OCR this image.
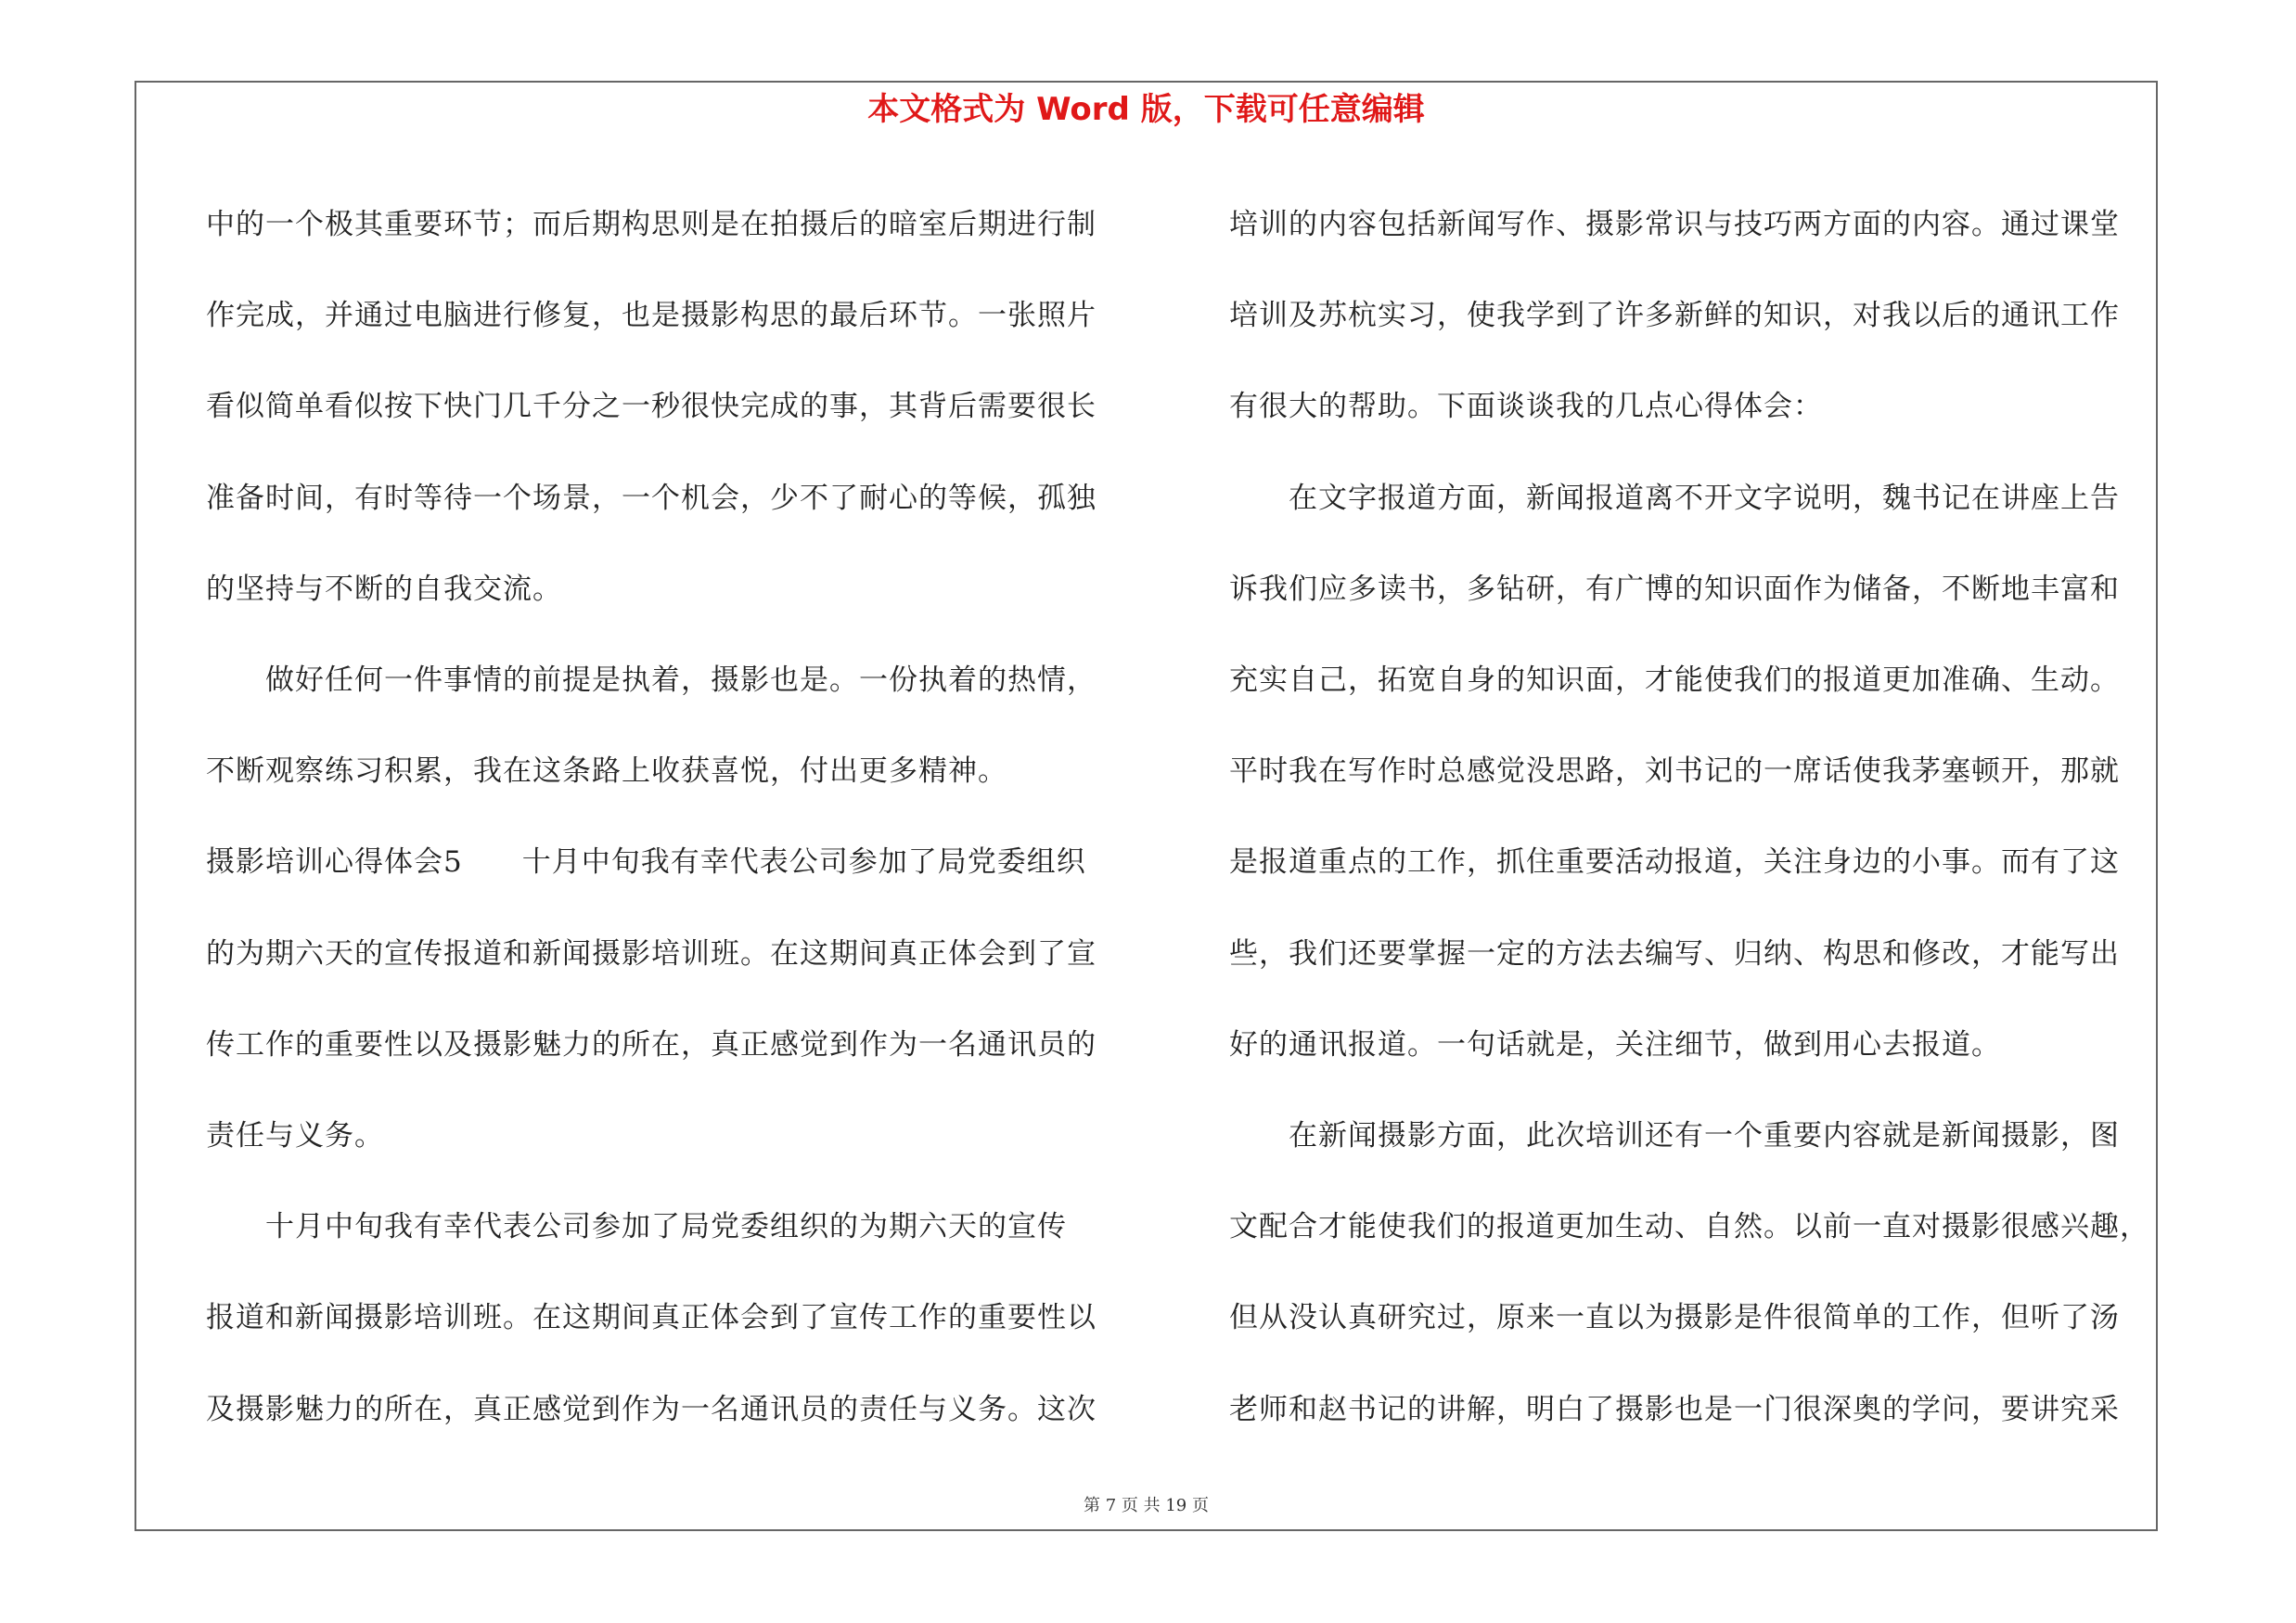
本文格式为 Word 版，下载可任意编辑

中的一个极其重要环节；而后期构思则是在拍摄后的暗室后期进行制

作完成，并通过电脑进行修复，也是摄影构思的最后环节。一张照片

看似简单看似按下快门几千分之一秒很快完成的事，其背后需要很长

准备时间，有时等待一个场景，一个机会，少不了耐心的等候，孤独

的坚持与不断的自我交流。

　　做好任何一件事情的前提是执着，摄影也是。一份执着的热情，

不断观察练习积累，我在这条路上收获喜悦，付出更多精神。

摄影培训心得体会5　　十月中旬我有幸代表公司参加了局党委组织

的为期六天的宣传报道和新闻摄影培训班。在这期间真正体会到了宣

传工作的重要性以及摄影魅力的所在，真正感觉到作为一名通讯员的

责任与义务。

　　十月中旬我有幸代表公司参加了局党委组织的为期六天的宣传

报道和新闻摄影培训班。在这期间真正体会到了宣传工作的重要性以

及摄影魅力的所在，真正感觉到作为一名通讯员的责任与义务。这次

培训的内容包括新闻写作、摄影常识与技巧两方面的内容。通过课堂

培训及苏杭实习，使我学到了许多新鲜的知识，对我以后的通讯工作

有很大的帮助。下面谈谈我的几点心得体会：

　　在文字报道方面，新闻报道离不开文字说明，魏书记在讲座上告

诉我们应多读书，多钻研，有广博的知识面作为储备，不断地丰富和

充实自己，拓宽自身的知识面，才能使我们的报道更加准确、生动。

平时我在写作时总感觉没思路，刘书记的一席话使我茅塞顿开，那就

是报道重点的工作，抓住重要活动报道，关注身边的小事。而有了这

些，我们还要掌握一定的方法去编写、归纳、构思和修改，才能写出

好的通讯报道。一句话就是，关注细节，做到用心去报道。

　　在新闻摄影方面，此次培训还有一个重要内容就是新闻摄影，图

文配合才能使我们的报道更加生动、自然。以前一直对摄影很感兴趣，

但从没认真研究过，原来一直以为摄影是件很简单的工作，但听了汤

老师和赵书记的讲解，明白了摄影也是一门很深奥的学问，要讲究采

第 7 页 共 19 页
